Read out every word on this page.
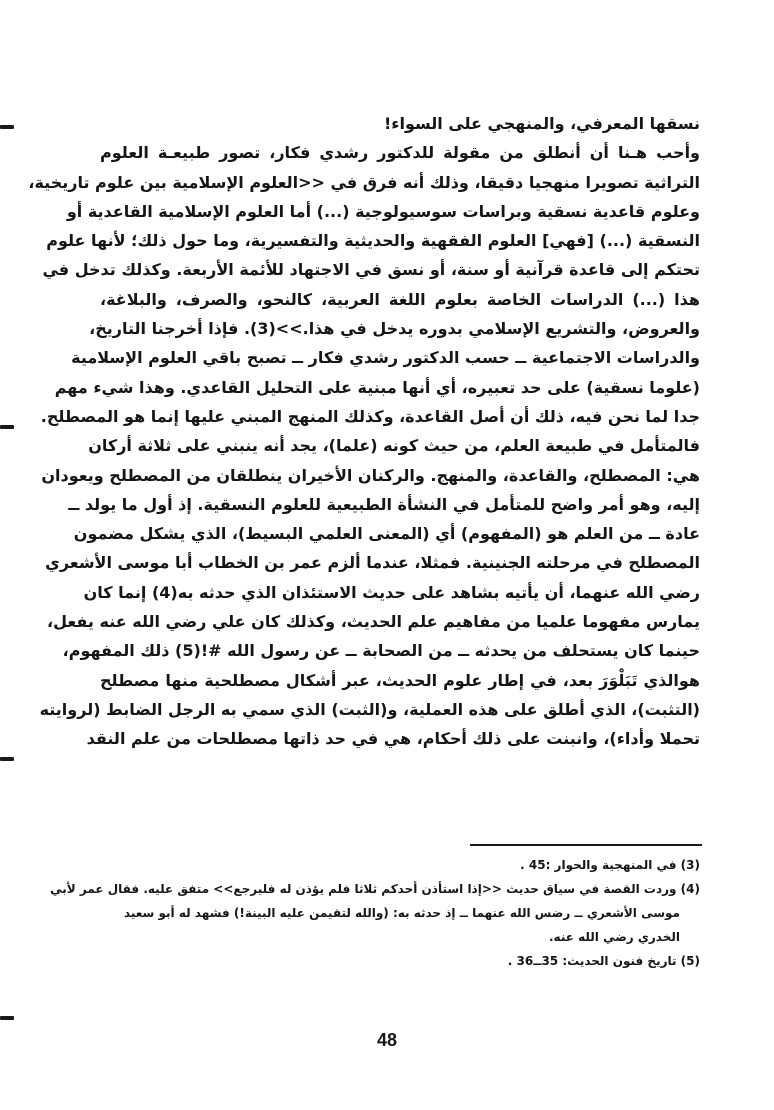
نسقها المعرفي، والمنهجي على السواء!
وأحب هـنا أن أنطلق من مقولة للدكتور رشدي فكار، تصور طبيعـة العلوم
التراثية تصويرا منهجيا دقيقا، وذلك أنه فرق في <<العلوم الإسلامية بين علوم تاريخية،
وعلوم قاعدية نسقية وبراسات سوسيولوجية (...) أما العلوم الإسلامية القاعدية أو
النسقية (...) [فهي] العلوم الفقهية والحديثية والتفسيرية، وما حول ذلك؛ لأنها علوم
تحتكم إلى قاعدة قرآنية أو سنة، أو نسق في الاجتهاد للأئمة الأربعة. وكذلك تدخل في
هذا (...) الدراسات الخاصة بعلوم اللغة العربية، كالنحو، والصرف، والبلاغة،
والعروض، والتشريع الإسلامي بدوره يدخل في هذا.>>(3). فإذا أخرجنا التاريخ،
والدراسات الاجتماعية ــ حسب الدكتور رشدي فكار ــ تصبح باقي العلوم الإسلامية
(علوما نسقية) على حد تعبيره، أي أنها مبنية على التحليل القاعدي. وهذا شيء مهم
جدا لما نحن فيه، ذلك أن أصل القاعدة، وكذلك المنهج المبني عليها إنما هو المصطلح.
فالمتأمل في طبيعة العلم، من حيث كونه (علما)، يجد أنه ينبني على ثلاثة أركان
هي: المصطلح، والقاعدة، والمنهج. والركنان الأخيران ينطلقان من المصطلح ويعودان
إليه، وهو أمر واضح للمتأمل في النشأة الطبيعية للعلوم النسقية. إذ أول ما يولد ــ
عادة ــ من العلم هو (المفهوم) أي (المعنى العلمي البسيط)، الذي يشكل مضمون
المصطلح في مرحلته الجنينية. فمثلا، عندما ألزم عمر بن الخطاب أبا موسى الأشعري
رضي الله عنهما، أن يأتيه بشاهد على حديث الاستئذان الذي حدثه به(4) إنما كان
يمارس مفهوما علميا من مفاهيم علم الحديث، وكذلك كان علي رضي الله عنه يفعل،
حينما كان يستحلف من يحدثه ــ من الصحابة ــ عن رسول الله #!(5) ذلك المفهوم،
هوالذي تَبَلْوَرَ بعد، في إطار علوم الحديث، عبر أشكال مصطلحية منها مصطلح
(التثبت)، الذي أطلق على هذه العملية، و(الثبت) الذي سمي به الرجل الضابط (لروايته
تحملا وأداء)، وانبنت على ذلك أحكام، هي في حد ذاتها مصطلحات من علم النقد
(3) في المنهجية والحوار :45 .
(4) وردت القصة في سياق حديث <<إذا استأذن أحدكم ثلاثا فلم يؤذن له فليرجع>> متفق عليه. فقال عمر لأبي
موسى الأشعري ــ رضس الله عنهما ــ إذ حدثه به: (والله لتقيمن عليه البينة!) فشهد له أبو سعيد
الخدري رضي الله عنه.
(5) تاريخ فنون الحديث: 35ــ36 .
48
